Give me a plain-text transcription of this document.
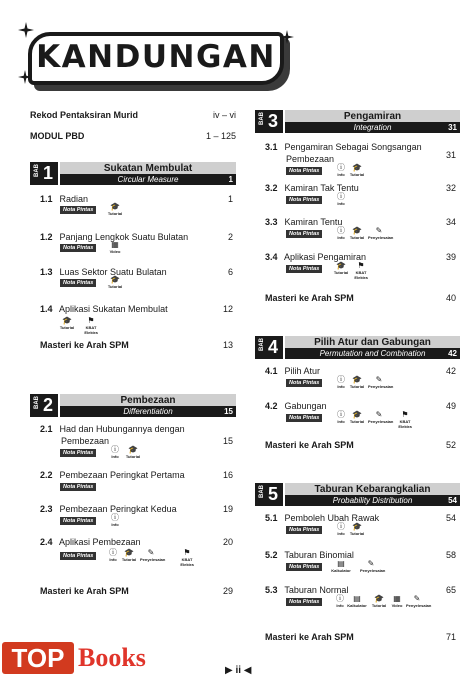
KANDUNGAN
Rekod Pentaksiran Murid	iv – vi
MODUL PBD	1 – 125
BAB 1	Sukatan Membulat
Circular Measure	1
1.1 Radian	1
Nota Pintas	🎓
Tutorial
1.2 Panjang Lengkok Suatu Bulatan	2
Nota Pintas	▦
Video
1.3 Luas Sektor Suatu Bulatan	6
Nota Pintas	🎓
Tutorial
1.4 Aplikasi Sukatan Membulat	12
🎓
Tutorial
⚑
KBAT Elektra
Masteri ke Arah SPM	13
BAB 2	Pembezaan
Differentiation	15
2.1 Had dan Hubungannya dengan
Pembezaan	15
Nota Pintas	ⓘ
Info
🎓
Tutorial
2.2 Pembezaan Peringkat Pertama	16
Nota Pintas
2.3 Pembezaan Peringkat Kedua	19
Nota Pintas	ⓘ
Info
2.4 Aplikasi Pembezaan	20
Nota Pintas	ⓘ
Info
🎓
Tutorial
✎
Penyelesaian
⚑
KBAT Elektra
Masteri ke Arah SPM	29
BAB 3	Pengamiran
Integration	31
3.1 Pengamiran Sebagai Songsangan
Pembezaan	31
Nota Pintas	ⓘ
Info
🎓
Tutorial
3.2 Kamiran Tak Tentu	32
Nota Pintas	ⓘ
Info
3.3 Kamiran Tentu	34
Nota Pintas	ⓘ
Info
🎓
Tutorial
✎
Penyelesaian
3.4 Aplikasi Pengamiran	39
Nota Pintas	🎓
Tutorial
⚑
KBAT Elektra
Masteri ke Arah SPM	40
BAB 4	Pilih Atur dan Gabungan
Permutation and Combination	42
4.1 Pilih Atur	42
Nota Pintas	ⓘ
Info
🎓
Tutorial
✎
Penyelesaian
4.2 Gabungan	49
Nota Pintas	ⓘ
Info
🎓
Tutorial
✎
Penyelesaian
⚑
KBAT Elektra
Masteri ke Arah SPM	52
BAB 5	Taburan Kebarangkalian
Probability Distribution	54
5.1 Pemboleh Ubah Rawak	54
Nota Pintas	ⓘ
Info
🎓
Tutorial
5.2 Taburan Binomial	58
Nota Pintas	▤
Kalkulator
✎
Penyelesaian
5.3 Taburan Normal	65
Nota Pintas	ⓘ
Info
▤
Kalkulator
🎓
Tutorial
▦
Video
✎
Penyelesaian
Masteri ke Arah SPM	71
▶ ii ◀
TOP Books
